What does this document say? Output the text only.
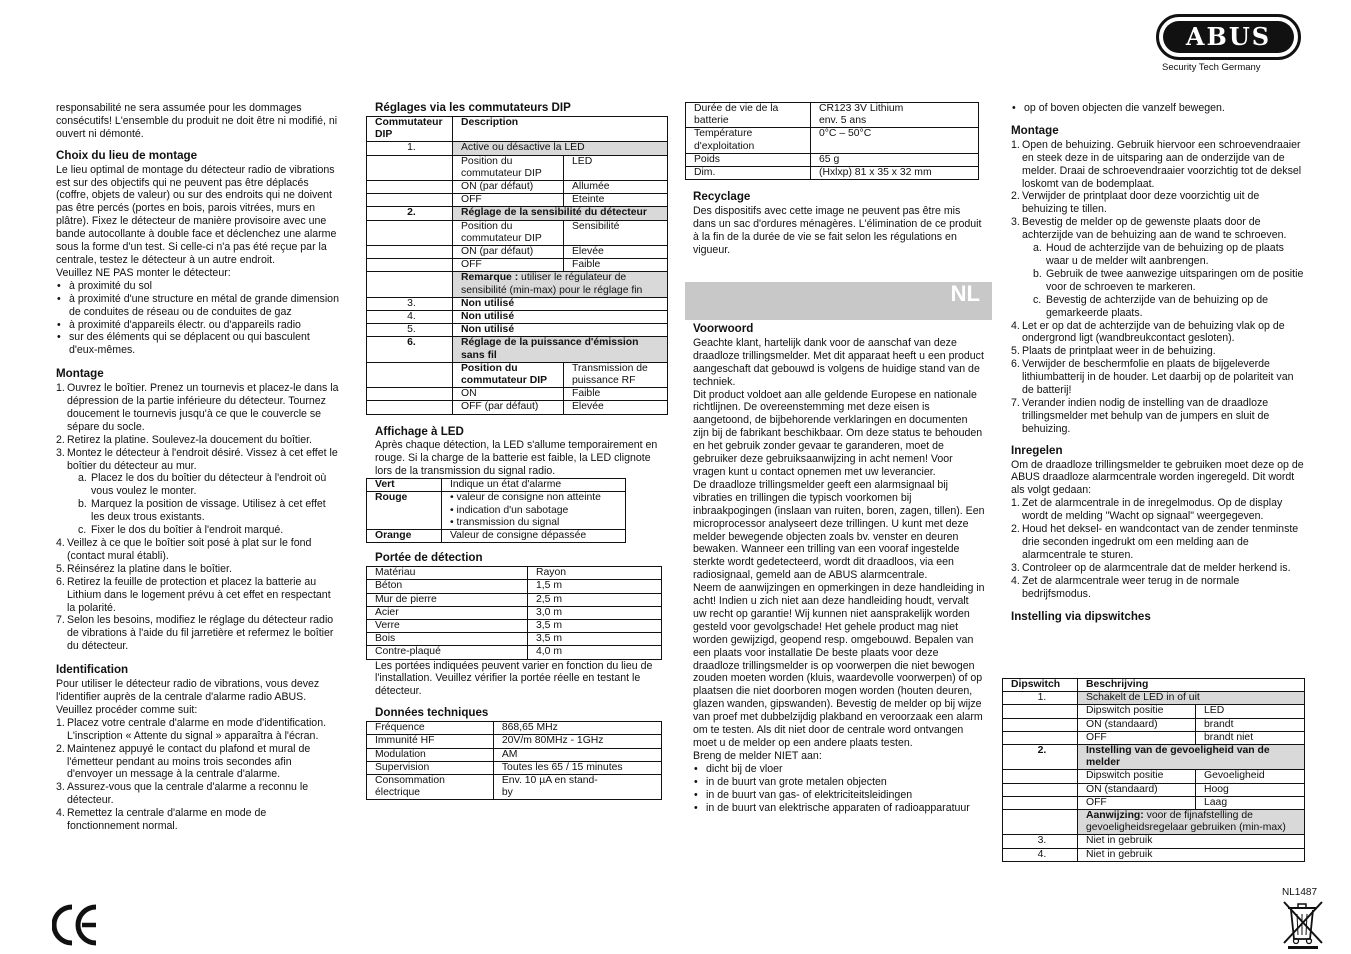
ABUS
Security Tech Germany

responsabilité ne sera assumée pour les dommages consécutifs! L'ensemble du produit ne doit être ni modifié, ni ouvert ni démonté.

Choix du lieu de montage

Le lieu optimal de montage du détecteur radio de vibrations est sur des objectifs qui ne peuvent pas être déplacés (coffre, objets de valeur) ou sur des endroits qui ne doivent pas être percés (portes en bois, parois vitrées, murs en plâtre). Fixez le détecteur de manière provisoire avec une bande autocollante à double face et déclenchez une alarme sous la forme d'un test. Si celle-ci n'a pas été reçue par la centrale, testez le détecteur à un autre endroit.

Veuillez NE PAS monter le détecteur:

• à proximité du sol
• à proximité d'une structure en métal de grande dimension de conduites de réseau ou de conduites de gaz
• à proximité d'appareils électr. ou d'appareils radio
• sur des éléments qui se déplacent ou qui basculent d'eux-mêmes.
Montage
1. Ouvrez le boîtier. Prenez un tournevis et placez-le dans la dépression de la partie inférieure du détecteur. Tournez doucement le tournevis jusqu'à ce que le couvercle se sépare du socle.
2. Retirez la platine. Soulevez-la doucement du boîtier.
3. Montez le détecteur à l'endroit désiré. Vissez à cet effet le boîtier du détecteur au mur.
a. Placez le dos du boîtier du détecteur à l'endroit où vous voulez le monter.
b. Marquez la position de vissage. Utilisez à cet effet les deux trous existants.
c. Fixer le dos du boîtier à l'endroit marqué.
4. Veillez à ce que le boîtier soit posé à plat sur le fond (contact mural établi).
5. Réinsérez la platine dans le boîtier.
6. Retirez la feuille de protection et placez la batterie au Lithium dans le logement prévu à cet effet en respectant la polarité.
7. Selon les besoins, modifiez le réglage du détecteur radio de vibrations à l'aide du fil jarretière et refermez le boîtier du détecteur.
Identification

Pour utiliser le détecteur radio de vibrations, vous devez l'identifier auprès de la centrale d'alarme radio ABUS. Veuillez procéder comme suit:

1. Placez votre centrale d'alarme en mode d'identification. L'inscription « Attente du signal » apparaîtra à l'écran.
2. Maintenez appuyé le contact du plafond et mural de l'émetteur pendant au moins trois secondes afin d'envoyer un message à la centrale d'alarme.
3. Assurez-vous que la centrale d'alarme a reconnu le détecteur.
4. Remettez la centrale d'alarme en mode de fonctionnement normal.
Réglages via les commutateurs DIP
Commutateur DIP	Description	
1.	Active ou désactive la LED	
	Position du commutateur DIP	LED
	ON (par défaut)	Allumée
	OFF	Eteinte
2.	Réglage de la sensibilité du détecteur	
	Position du commutateur DIP	Sensibilité
	ON (par défaut)	Elevée
	OFF	Faible
	Remarque : utiliser le régulateur de sensibilité (min-max) pour le réglage fin	
3.	Non utilisé	
4.	Non utilisé	
5.	Non utilisé	
6.	Réglage de la puissance d'émission sans fil	
	Position du commutateur DIP	Transmission de puissance RF
	ON	Faible
	OFF (par défaut)	Elevée
Affichage à LED

Après chaque détection, la LED s'allume temporairement en rouge. Si la charge de la batterie est faible, la LED clignote lors de la transmission du signal radio.

Vert	Indique un état d'alarme
Rouge	• valeur de consigne non atteinte
• indication d'un sabotage
• transmission du signal

Orange	Valeur de consigne dépassée
Portée de détection
Matériau	Rayon
Béton	1,5 m
Mur de pierre	2,5 m
Acier	3,0 m
Verre	3,5 m
Bois	3,5 m
Contre-plaqué	4,0 m

Les portées indiquées peuvent varier en fonction du lieu de l'installation. Veuillez vérifier la portée réelle en testant le détecteur.

Données techniques
Fréquence	868,65 MHz
Immunité HF	20V/m 80MHz - 1GHz
Modulation	AM
Supervision	Toutes les 65 / 15 minutes
Consommation électrique	Env. 10 µA en stand-by
Durée de vie de la batterie	CR123 3V Lithium env. 5 ans
Température d'exploitation	0°C – 50°C
Poids	65 g
Dim.	(Hxlxp) 81 x 35 x 32 mm
Recyclage

Des dispositifs avec cette image ne peuvent pas être mis dans un sac d'ordures ménagères. L'élimination de ce produit à la fin de la durée de vie se fait selon les régulations en vigueur.

NL
Voorwoord

Geachte klant, hartelijk dank voor de aanschaf van deze draadloze trillingsmelder. Met dit apparaat heeft u een product aangeschaft dat gebouwd is volgens de huidige stand van de techniek.

Dit product voldoet aan alle geldende Europese en nationale richtlijnen. De overeenstemming met deze eisen is aangetoond, de bijbehorende verklaringen en documenten zijn bij de fabrikant beschikbaar. Om deze status te behouden en het gebruik zonder gevaar te garanderen, moet de gebruiker deze gebruiksaanwijzing in acht nemen! Voor vragen kunt u contact opnemen met uw leverancier.

De draadloze trillingsmelder geeft een alarmsignaal bij vibraties en trillingen die typisch voorkomen bij inbraakpogingen (inslaan van ruiten, boren, zagen, tillen). Een microprocessor analyseert deze trillingen. U kunt met deze melder bewegende objecten zoals bv. venster en deuren bewaken. Wanneer een trilling van een vooraf ingestelde sterkte wordt gedetecteerd, wordt dit draadloos, via een radiosignaal, gemeld aan de ABUS alarmcentrale.

Neem de aanwijzingen en opmerkingen in deze handleiding in acht! Indien u zich niet aan deze handleiding houdt, vervalt uw recht op garantie! Wij kunnen niet aansprakelijk worden gesteld voor gevolgschade! Het gehele product mag niet worden gewijzigd, geopend resp. omgebouwd. Bepalen van een plaats voor installatie De beste plaats voor deze draadloze trillingsmelder is op voorwerpen die niet bewogen zouden moeten worden (kluis, waardevolle voorwerpen) of op plaatsen die niet doorboren mogen worden (houten deuren, glazen wanden, gipswanden). Bevestig de melder op bij wijze van proef met dubbelzijdig plakband en veroorzaak een alarm om te testen. Als dit niet door de centrale word ontvangen moet u de melder op een andere plaats testen.

Breng de melder NIET aan:

• dicht bij de vloer
• in de buurt van grote metalen objecten
• in de buurt van gas- of elektriciteitsleidingen
• in de buurt van elektrische apparaten of radioapparatuur
• op of boven objecten die vanzelf bewegen.
Montage
1. Open de behuizing. Gebruik hiervoor een schroevendraaier en steek deze in de uitsparing aan de onderzijde van de melder. Draai de schroevendraaier voorzichtig tot de deksel loskomt van de bodemplaat.
2. Verwijder de printplaat door deze voorzichtig uit de behuizing te tillen.
3. Bevestig de melder op de gewenste plaats door de achterzijde van de behuizing aan de wand te schroeven.
a. Houd de achterzijde van de behuizing op de plaats waar u de melder wilt aanbrengen.
b. Gebruik de twee aanwezige uitsparingen om de positie voor de schroeven te markeren.
c. Bevestig de achterzijde van de behuizing op de gemarkeerde plaats.
4. Let er op dat de achterzijde van de behuizing vlak op de ondergrond ligt (wandbreukcontact gesloten).
5. Plaats de printplaat weer in de behuizing.
6. Verwijder de beschermfolie en plaats de bijgeleverde lithiumbatterij in de houder. Let daarbij op de polariteit van de batterij!
7. Verander indien nodig de instelling van de draadloze trillingsmelder met behulp van de jumpers en sluit de behuizing.
Inregelen

Om de draadloze trillingsmelder te gebruiken moet deze op de ABUS draadloze alarmcentrale worden ingeregeld. Dit wordt als volgt gedaan:

1. Zet de alarmcentrale in de inregelmodus. Op de display wordt de melding "Wacht op signaal" weergegeven.
2. Houd het deksel- en wandcontact van de zender tenminste drie seconden ingedrukt om een melding aan de alarmcentrale te sturen.
3. Controleer op de alarmcentrale dat de melder herkend is.
4. Zet de alarmcentrale weer terug in de normale bedrijfsmodus.
Instelling via dipswitches
Dipswitch	Beschrijving	
1.	Schakelt de LED in of uit	
	Dipswitch positie	LED
	ON (standaard)	brandt
	OFF	brandt niet
2.	Instelling van de gevoeligheid van de melder	
	Dipswitch positie	Gevoeligheid
	ON (standaard)	Hoog
	OFF	Laag
	Aanwijzing: voor de fijnafstelling de gevoeligheidsregelaar gebruiken (min-max)	
3.	Niet in gebruik	
4.	Niet in gebruik	
NL1487
